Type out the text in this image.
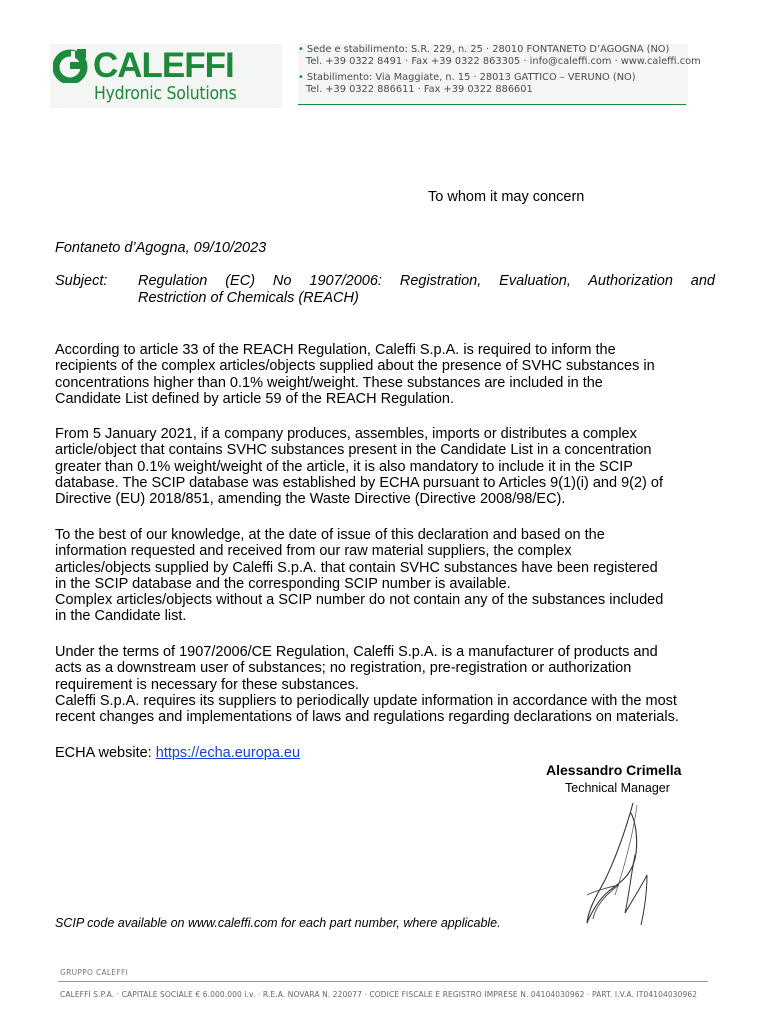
CALEFFI
Hydronic Solutions
• Sede e stabilimento: S.R. 229, n. 25 · 28010 FONTANETO D’AGOGNA (NO)
Tel. +39 0322 8491 · Fax +39 0322 863305 · info@caleffi.com · www.caleffi.com
• Stabilimento: Via Maggiate, n. 15 · 28013 GATTICO – VERUNO (NO)
Tel. +39 0322 886611 · Fax +39 0322 886601
To whom it may concern
Fontaneto d’Agogna, 09/10/2023
Subject: Regulation (EC) No 1907/2006: Registration, Evaluation, Authorization and
Restriction of Chemicals (REACH)
According to article 33 of the REACH Regulation, Caleffi S.p.A. is required to inform the
recipients of the complex articles/objects supplied about the presence of SVHC substances in
concentrations higher than 0.1% weight/weight. These substances are included in the
Candidate List defined by article 59 of the REACH Regulation.
From 5 January 2021, if a company produces, assembles, imports or distributes a complex
article/object that contains SVHC substances present in the Candidate List in a concentration
greater than 0.1% weight/weight of the article, it is also mandatory to include it in the SCIP
database. The SCIP database was established by ECHA pursuant to Articles 9(1)(i) and 9(2) of
Directive (EU) 2018/851, amending the Waste Directive (Directive 2008/98/EC).
To the best of our knowledge, at the date of issue of this declaration and based on the
information requested and received from our raw material suppliers, the complex
articles/objects supplied by Caleffi S.p.A. that contain SVHC substances have been registered
in the SCIP database and the corresponding SCIP number is available.
Complex articles/objects without a SCIP number do not contain any of the substances included
in the Candidate list.
Under the terms of 1907/2006/CE Regulation, Caleffi S.p.A. is a manufacturer of products and
acts as a downstream user of substances; no registration, pre-registration or authorization
requirement is necessary for these substances.
Caleffi S.p.A. requires its suppliers to periodically update information in accordance with the most
recent changes and implementations of laws and regulations regarding declarations on materials.
ECHA website: https://echa.europa.eu
Alessandro Crimella
Technical Manager
SCIP code available on www.caleffi.com for each part number, where applicable.
GRUPPO CALEFFI
CALEFFI S.P.A. · CAPITALE SOCIALE € 6.000.000 i.v. · R.E.A. NOVARA N. 220077 · CODICE FISCALE E REGISTRO IMPRESE N. 04104030962 · PART. I.V.A. IT04104030962
